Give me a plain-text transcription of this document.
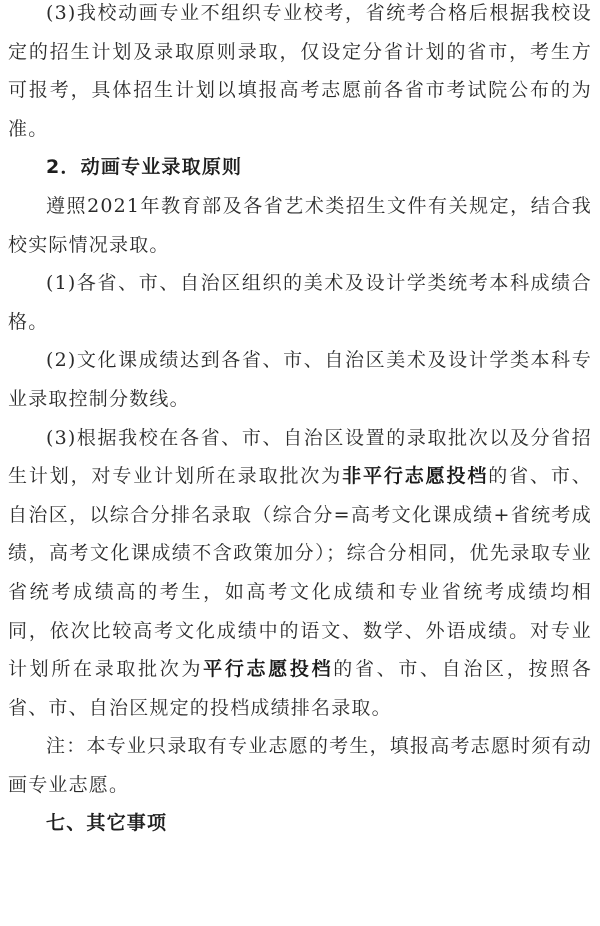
(3)我校动画专业不组织专业校考，省统考合格后根据我校设定的招生计划及录取原则录取，仅设定分省计划的省市，考生方可报考，具体招生计划以填报高考志愿前各省市考试院公布的为准。

2．动画专业录取原则

遵照2021年教育部及各省艺术类招生文件有关规定，结合我校实际情况录取。

(1)各省、市、自治区组织的美术及设计学类统考本科成绩合格。

(2)文化课成绩达到各省、市、自治区美术及设计学类本科专业录取控制分数线。

(3)根据我校在各省、市、自治区设置的录取批次以及分省招生计划，对专业计划所在录取批次为非平行志愿投档的省、市、自治区，以综合分排名录取（综合分=高考文化课成绩+省统考成绩，高考文化课成绩不含政策加分）；综合分相同，优先录取专业省统考成绩高的考生，如高考文化成绩和专业省统考成绩均相同，依次比较高考文化成绩中的语文、数学、外语成绩。对专业计划所在录取批次为平行志愿投档的省、市、自治区，按照各省、市、自治区规定的投档成绩排名录取。

注：本专业只录取有专业志愿的考生，填报高考志愿时须有动画专业志愿。

七、其它事项
